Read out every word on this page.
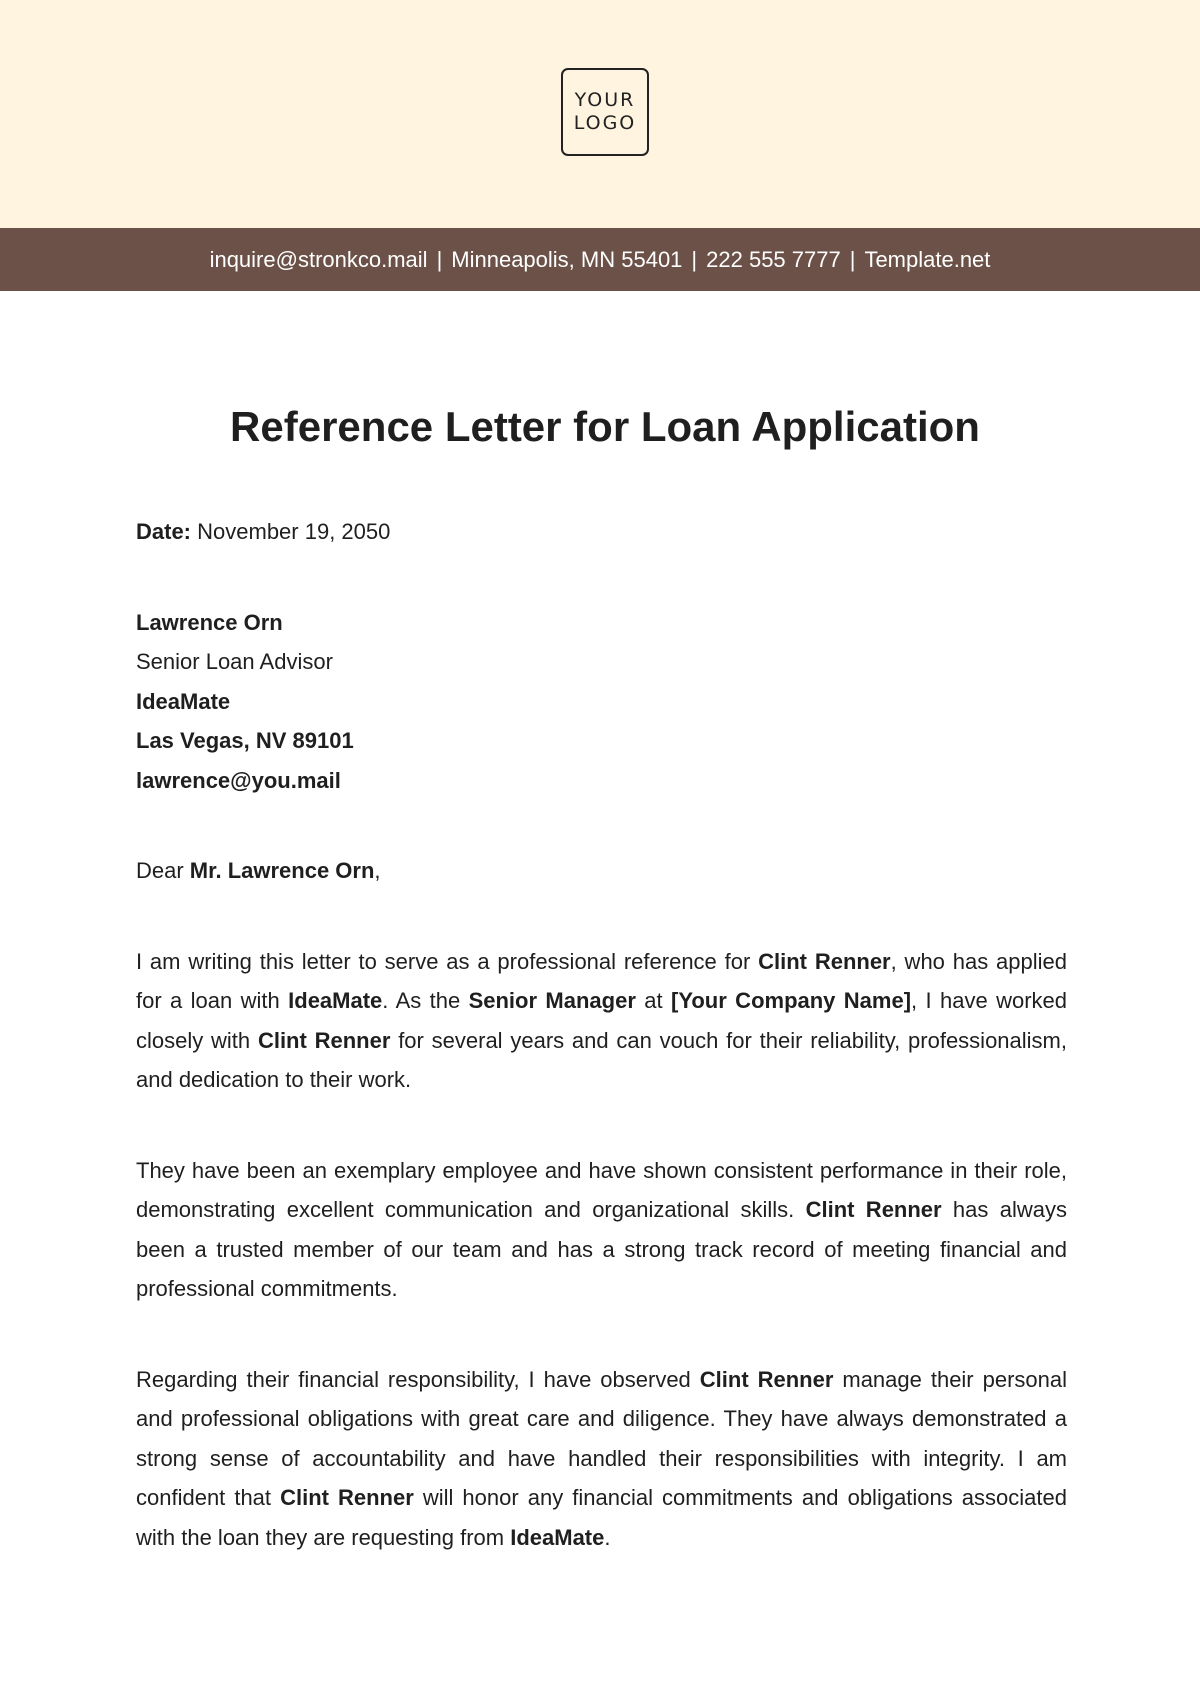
YOUR
LOGO
inquire@stronkco.mail | Minneapolis, MN 55401 | 222 555 7777 | Template.net
Reference Letter for Loan Application
Date: November 19, 2050
Lawrence Orn
Senior Loan Advisor
IdeaMate
Las Vegas, NV 89101
lawrence@you.mail
Dear Mr. Lawrence Orn,

I am writing this letter to serve as a professional reference for Clint Renner, who has applied for a loan with IdeaMate. As the Senior Manager at [Your Company Name], I have worked closely with Clint Renner for several years and can vouch for their reliability, professionalism, and dedication to their work.

They have been an exemplary employee and have shown consistent performance in their role, demonstrating excellent communication and organizational skills. Clint Renner has always been a trusted member of our team and has a strong track record of meeting financial and professional commitments.

Regarding their financial responsibility, I have observed Clint Renner manage their personal and professional obligations with great care and diligence. They have always demonstrated a strong sense of accountability and have handled their responsibilities with integrity. I am confident that Clint Renner will honor any financial commitments and obligations associated with the loan they are requesting from IdeaMate.
